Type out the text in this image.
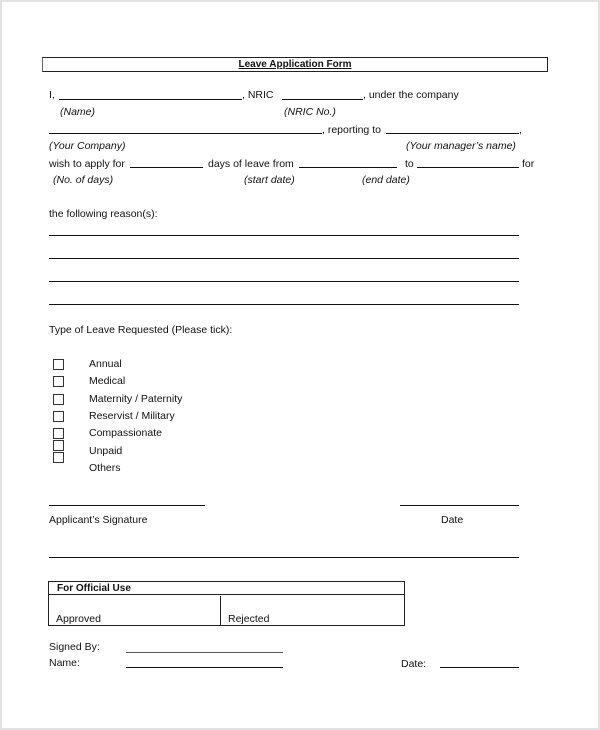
Leave Application Form
I,	, NRIC	, under the company
(Name)	(NRIC No.)
, reporting to	,
(Your Company)	(Your manager’s name)
wish to apply for	days of leave from	to	for
(No. of days)	(start date)	(end date)
the following reason(s):
Type of Leave Requested (Please tick):
Annual
Medical
Maternity / Paternity
Reservist / Military
Compassionate
Unpaid
Others
Applicant’s Signature	Date
For Official Use
Approved	Rejected
Signed By:
Name:	Date:
